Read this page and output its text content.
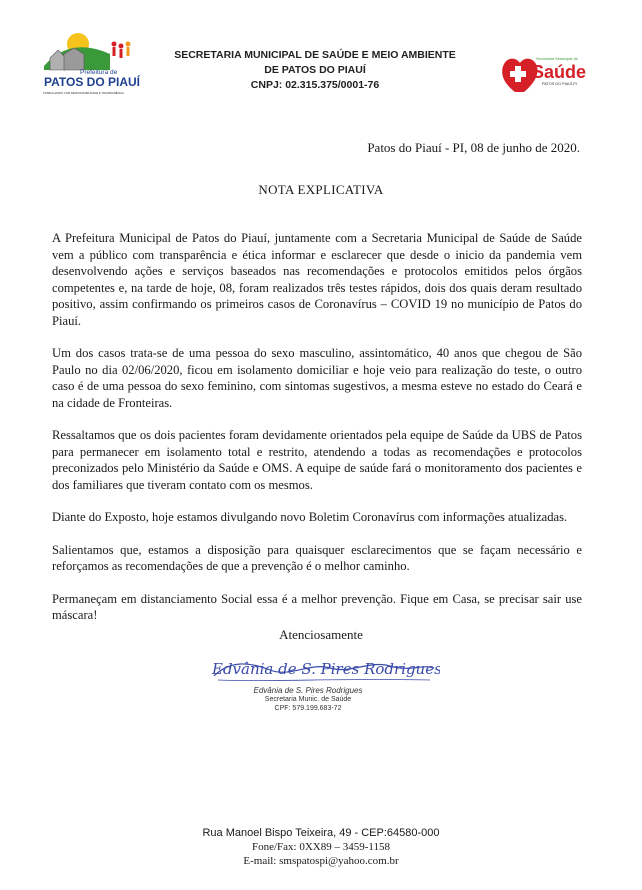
Prefeitura de
PATOS DO PIAUÍ
TRABALHANDO COM RESPONSABILIDADE E TRANSPARÊNCIA
SECRETARIA MUNICIPAL DE SAÚDE E MEIO AMBIENTE
DE PATOS DO PIAUÍ
CNPJ: 02.315.375/0001-76
Secretaria Municipal de
Saúde
PATOS DO PIAUÍ-PI
Patos do Piauí - PI, 08 de junho de 2020.
NOTA EXPLICATIVA

A Prefeitura Municipal de Patos do Piauí, juntamente com a Secretaria Municipal de Saúde de Saúde vem a público com transparência e ética informar e esclarecer que desde o inicio da pandemia vem desenvolvendo ações e serviços baseados nas recomendações e protocolos emitidos pelos órgãos competentes e, na tarde de hoje, 08, foram realizados três testes rápidos, dois dos quais deram resultado positivo, assim confirmando os primeiros casos de Coronavírus – COVID 19 no município de Patos do Piauí.

Um dos casos trata-se de uma pessoa do sexo masculino, assintomático, 40 anos que chegou de São Paulo no dia 02/06/2020, ficou em isolamento domiciliar e hoje veio para realização do teste, o outro caso é de uma pessoa do sexo feminino, com sintomas sugestivos, a mesma esteve no estado do Ceará e na cidade de Fronteiras.

Ressaltamos que os dois pacientes foram devidamente orientados pela equipe de Saúde da UBS de Patos para permanecer em isolamento total e restrito, atendendo a todas as recomendações e protocolos preconizados pelo Ministério da Saúde e OMS. A equipe de saúde fará o monitoramento dos pacientes e dos familiares que tiveram contato com os mesmos.

Diante do Exposto, hoje estamos divulgando novo Boletim Coronavírus com informações atualizadas.

Salientamos que, estamos a disposição para quaisquer esclarecimentos que se façam necessário e reforçamos as recomendações de que a prevenção é o melhor caminho.

Permaneçam em distanciamento Social essa é a melhor prevenção. Fique em Casa, se precisar sair use máscara!

Atenciosamente
Edvânia de S. Pires Rodrigues
Edvânia de S. Pires Rodrigues
Secretaria Munic. de Saúde
CPF: 579.199.683-72
Rua Manoel Bispo Teixeira, 49 - CEP:64580-000
Fone/Fax: 0XX89 – 3459-1158
E-mail: smspatospi@yahoo.com.br
